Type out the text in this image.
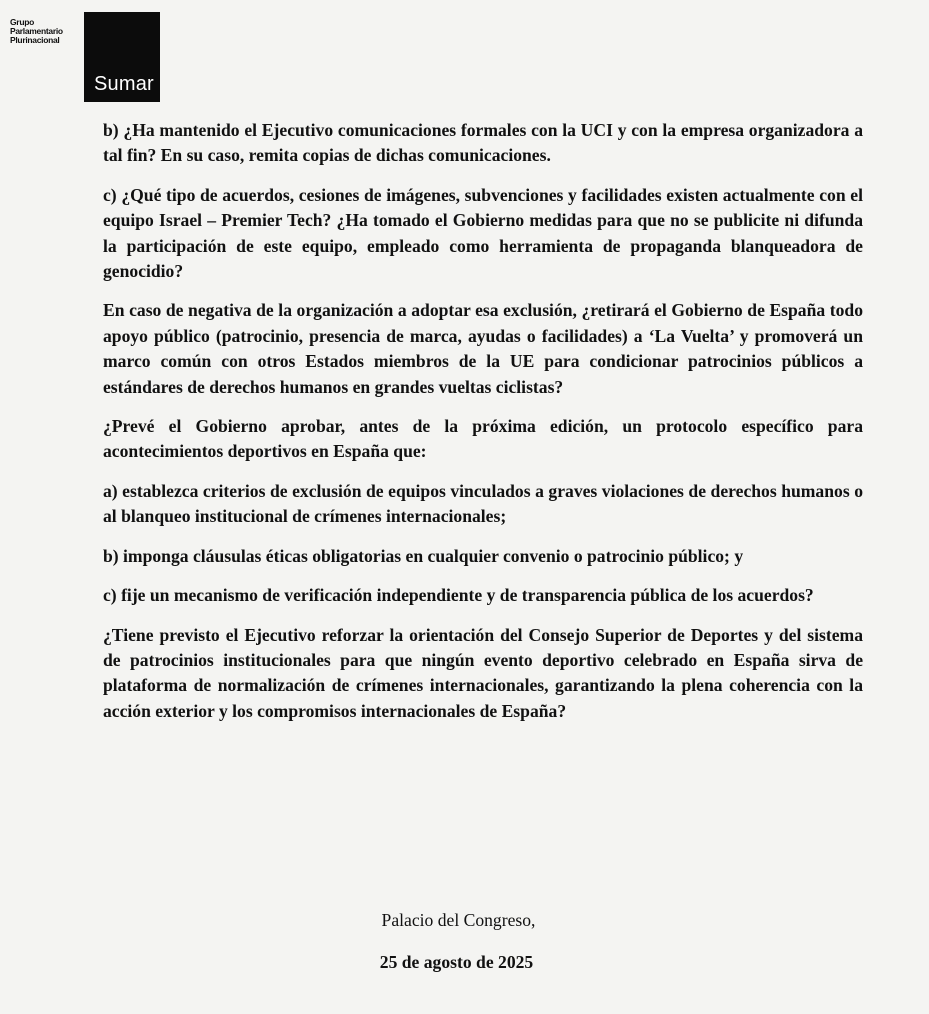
Grupo
Parlamentario
Plurinacional
Sumar

b) ¿Ha mantenido el Ejecutivo comunicaciones formales con la UCI y con la empresa organizadora a tal fin? En su caso, remita copias de dichas comunicaciones.

c) ¿Qué tipo de acuerdos, cesiones de imágenes, subvenciones y facilidades existen actualmente con el equipo Israel – Premier Tech? ¿Ha tomado el Gobierno medidas para que no se publicite ni difunda la participación de este equipo, empleado como herramienta de propaganda blanqueadora de genocidio?

En caso de negativa de la organización a adoptar esa exclusión, ¿retirará el Gobierno de España todo apoyo público (patrocinio, presencia de marca, ayudas o facilidades) a ‘La Vuelta’ y promoverá un marco común con otros Estados miembros de la UE para condicionar patrocinios públicos a estándares de derechos humanos en grandes vueltas ciclistas?

¿Prevé el Gobierno aprobar, antes de la próxima edición, un protocolo específico para acontecimientos deportivos en España que:

a) establezca criterios de exclusión de equipos vinculados a graves violaciones de derechos humanos o al blanqueo institucional de crímenes internacionales;

b) imponga cláusulas éticas obligatorias en cualquier convenio o patrocinio público; y

c) fije un mecanismo de verificación independiente y de transparencia pública de los acuerdos?

¿Tiene previsto el Ejecutivo reforzar la orientación del Consejo Superior de Deportes y del sistema de patrocinios institucionales para que ningún evento deportivo celebrado en España sirva de plataforma de normalización de crímenes internacionales, garantizando la plena coherencia con la acción exterior y los compromisos internacionales de España?

Palacio del Congreso,
25 de agosto de 2025
